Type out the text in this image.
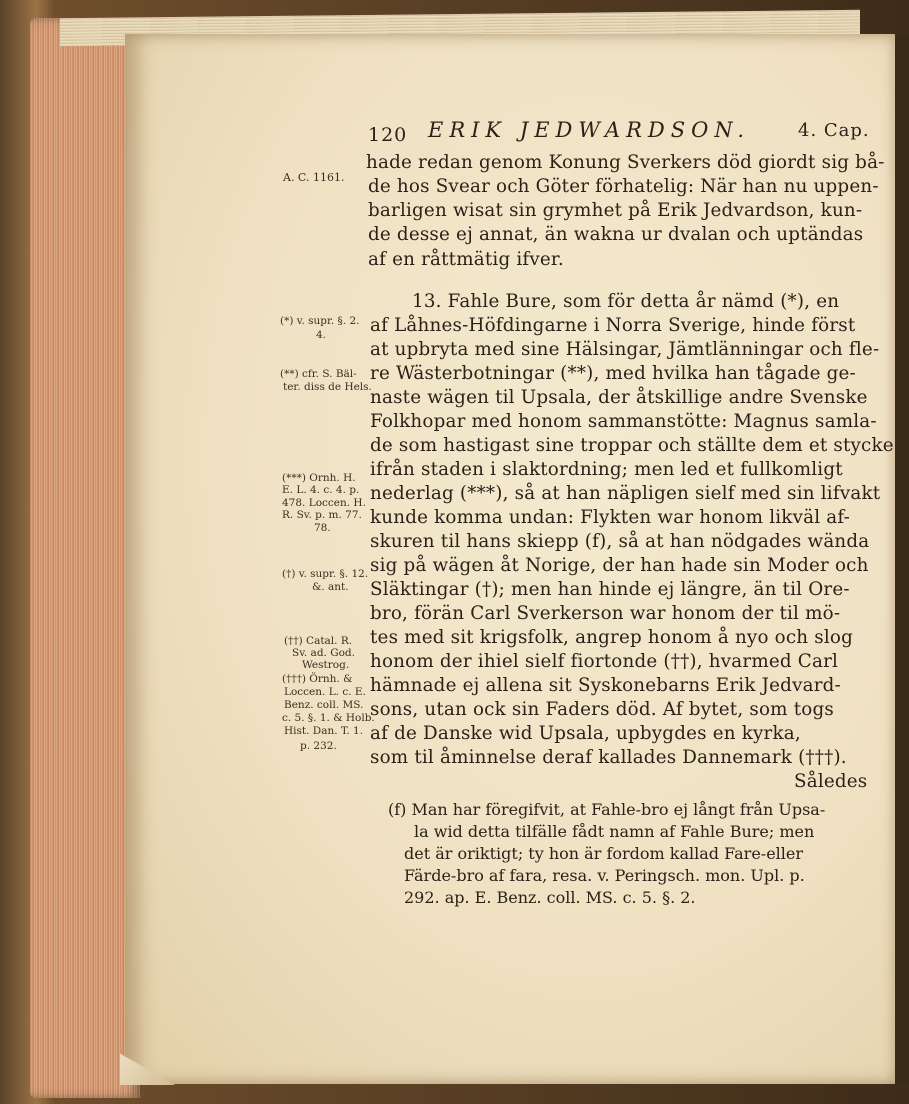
120 ERIK JEDWARDSON.	4. Cap.
A. C. 1161.
(*) v. supr. §. 2.
4.
(**) cfr. S. Bäl-
ter. diss de Hels.
(***) Ornh. H.
E. L. 4. c. 4. p.
478. Loccen. H.
R. Sv. p. m. 77.
78.
(†) v. supr. §. 12.
&. ant.
(††) Catal. R.
Sv. ad. God.
Westrog.
(†††) Örnh. &
Loccen. L. c. E.
Benz. coll. MS.
c. 5. §. 1. & Holb.
Hist. Dan. T. 1.
p. 232.
hade redan genom Konung Sverkers död giordt sig bå-
de hos Svear och Göter förhatelig: När han nu uppen-
barligen wisat sin grymhet på Erik Jedvardson, kun-
de desse ej annat, än wakna ur dvalan och uptändas
af en råttmätig ifver.
13. Fahle Bure, som för detta år nämd (*), en
af Låhnes-Höfdingarne i Norra Sverige, hinde först
at upbryta med sine Hälsingar, Jämtlänningar och fle-
re Wästerbotningar (**), med hvilka han tågade ge-
naste wägen til Upsala, der åtskillige andre Svenske
Folkhopar med honom sammanstötte: Magnus samla-
de som hastigast sine troppar och ställte dem et stycke
ifrån staden i slaktordning; men led et fullkomligt
nederlag (***), så at han näpligen sielf med sin lifvakt
kunde komma undan: Flykten war honom likväl af-
skuren til hans skiepp (f), så at han nödgades wända
sig på wägen åt Norige, der han hade sin Moder och
Släktingar (†); men han hinde ej längre, än til Ore-
bro, förän Carl Sverkerson war honom der til mö-
tes med sit krigsfolk, angrep honom å nyo och slog
honom der ihiel sielf fiortonde (††), hvarmed Carl
hämnade ej allena sit Syskonebarns Erik Jedvard-
sons, utan ock sin Faders död. Af bytet, som togs
af de Danske wid Upsala, upbygdes en kyrka,
som til åminnelse deraf kallades Dannemark (†††).
Således
(f) Man har föregifvit, at Fahle-bro ej långt från Upsa-
la wid detta tilfälle fådt namn af Fahle Bure; men
det är oriktigt; ty hon är fordom kallad Fare-eller
Färde-bro af fara, resa. v. Peringsch. mon. Upl. p.
292. ap. E. Benz. coll. MS. c. 5. §. 2.
